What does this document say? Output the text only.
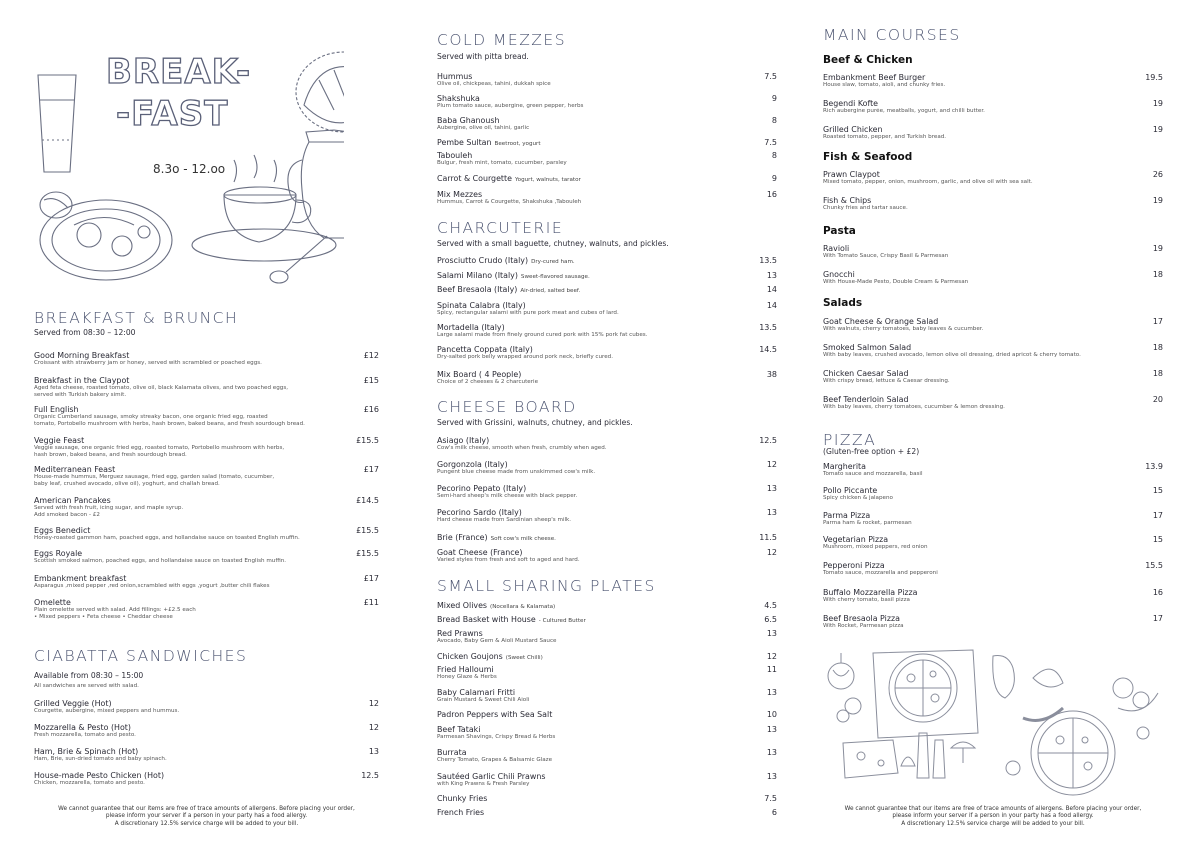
BREAK-
-FAST
8.3o - 12.oo
BREAKFAST & BRUNCH
Served from 08:30 – 12:00
Good Morning Breakfast	£12
Croissant with strawberry jam or honey, served with scrambled or poached eggs.
Breakfast in the Claypot	£15
Aged feta cheese, roasted tomato, olive oil, black Kalamata olives, and two poached eggs,
served with Turkish bakery simit.
Full English	£16
Organic Cumberland sausage, smoky streaky bacon, one organic fried egg, roasted
tomato, Portobello mushroom with herbs, hash brown, baked beans, and fresh sourdough bread.
Veggie Feast	£15.5
Veggie sausage, one organic fried egg, roasted tomato, Portobello mushroom with herbs,
hash brown, baked beans, and fresh sourdough bread.
Mediterranean Feast	£17
House-made hummus, Merguez sausage, fried egg, garden salad (tomato, cucumber,
baby leaf, crushed avocado, olive oil), yoghurt, and challah bread.
American Pancakes	£14.5
Served with fresh fruit, icing sugar, and maple syrup.
Add smoked bacon - £2
Eggs Benedict	£15.5
Honey-roasted gammon ham, poached eggs, and hollandaise sauce on toasted English muffin.
Eggs Royale	£15.5
Scottish smoked salmon, poached eggs, and hollandaise sauce on toasted English muffin.
Embankment breakfast	£17
Asparagus ,mixed pepper ,red onion,scrambled with eggs ,yogurt ,butter chili flakes
Omelette	£11
Plain omelette served with salad. Add fillings: +£2.5 each
• Mixed peppers • Feta cheese • Cheddar cheese
CIABATTA SANDWICHES
Available from 08:30 – 15:00
All sandwiches are served with salad.
Grilled Veggie (Hot)	12
Courgette, aubergine, mixed peppers and hummus.
Mozzarella & Pesto (Hot)	12
Fresh mozzarella, tomato and pesto.
Ham, Brie & Spinach (Hot)	13
Ham, Brie, sun-dried tomato and baby spinach.
House-made Pesto Chicken (Hot)	12.5
Chicken, mozzarella, tomato and pesto.
We cannot guarantee that our items are free of trace amounts of allergens. Before placing your order,
please inform your server if a person in your party has a food allergy.
A discretionary 12.5% service charge will be added to your bill.
COLD MEZZES
Served with pitta bread.
Hummus	7.5
Olive oil, chickpeas, tahini, dukkah spice
Shakshuka	9
Plum tomato sauce, aubergine, green pepper, herbs
Baba Ghanoush	8
Aubergine, olive oil, tahini, garlic
Pembe Sultan Beetroot, yogurt	7.5
Tabouleh	8
Bulgur, fresh mint, tomato, cucumber, parsley
Carrot & Courgette Yogurt, walnuts, tarator	9
Mix Mezzes	16
Hummus, Carrot & Courgette, Shakshuka ,Tabouleh
CHARCUTERIE
Served with a small baguette, chutney, walnuts, and pickles.
Prosciutto Crudo (Italy) Dry-cured ham.	13.5
Salami Milano (Italy) Sweet-flavored sausage.	13
Beef Bresaola (Italy) Air-dried, salted beef.	14
Spinata Calabra (Italy)	14
Spicy, rectangular salami with pure pork meat and cubes of lard.
Mortadella (Italy)	13.5
Large salami made from finely ground cured pork with 15% pork fat cubes.
Pancetta Coppata (Italy)	14.5
Dry-salted pork belly wrapped around pork neck, briefly cured.
Mix Board ( 4 People)	38
Choice of 2 cheeses & 2 charcuterie
CHEESE BOARD
Served with Grissini, walnuts, chutney, and pickles.
Asiago (Italy)	12.5
Cow's milk cheese, smooth when fresh, crumbly when aged.
Gorgonzola (Italy)	12
Pungent blue cheese made from unskimmed cow's milk.
Pecorino Pepato (Italy)	13
Semi-hard sheep's milk cheese with black pepper.
Pecorino Sardo (Italy)	13
Hard cheese made from Sardinian sheep's milk.
Brie (France) Soft cow's milk cheese.	11.5
Goat Cheese (France)	12
Varied styles from fresh and soft to aged and hard.
SMALL SHARING PLATES
Mixed Olives (Nocellara & Kalamata)	4.5
Bread Basket with House - Cultured Butter	6.5
Red Prawns	13
Avocado, Baby Gem & Aioli Mustard Sauce
Chicken Goujons (Sweet Chilli)	12
Fried Halloumi	11
Honey Glaze & Herbs
Baby Calamari Fritti	13
Grain Mustard & Sweet Chili Aioli
Padron Peppers with Sea Salt	10
Beef Tataki	13
Parmesan Shavings, Crispy Bread & Herbs
Burrata	13
Cherry Tomato, Grapes & Balsamic Glaze
Sautéed Garlic Chili Prawns	13
with King Prawns & Fresh Parsley
Chunky Fries	7.5
French Fries	6
MAIN COURSES
Beef & Chicken
Embankment Beef Burger	19.5
House slaw, tomato, aioli, and chunky fries.
Begendi Kofte	19
Rich aubergine purée, meatballs, yogurt, and chilli butter.
Grilled Chicken	19
Roasted tomato, pepper, and Turkish bread.
Fish & Seafood
Prawn Claypot	26
Mixed tomato, pepper, onion, mushroom, garlic, and olive oil with sea salt.
Fish & Chips	19
Chunky fries and tartar sauce.
Pasta
Ravioli	19
With Tomato Sauce, Crispy Basil & Parmesan
Gnocchi	18
With House-Made Pesto, Double Cream & Parmesan
Salads
Goat Cheese & Orange Salad	17
With walnuts, cherry tomatoes, baby leaves & cucumber.
Smoked Salmon Salad	18
With baby leaves, crushed avocado, lemon olive oil dressing, dried apricot & cherry tomato.
Chicken Caesar Salad	18
With crispy bread, lettuce & Caesar dressing.
Beef Tenderloin Salad	20
With baby leaves, cherry tomatoes, cucumber & lemon dressing.
PIZZA
(Gluten-free option + £2)
Margherita	13.9
Tomato sauce and mozzarella, basil
Pollo Piccante	15
Spicy chicken & jalapeno
Parma Pizza	17
Parma ham & rocket, parmesan
Vegetarian Pizza	15
Mushroom, mixed peppers, red onion
Pepperoni Pizza	15.5
Tomato sauce, mozzarella and pepperoni
Buffalo Mozzarella Pizza	16
With cherry tomato, basil pizza
Beef Bresaola Pizza	17
With Rocket, Parmesan pizza
We cannot guarantee that our items are free of trace amounts of allergens. Before placing your order,
please inform your server if a person in your party has a food allergy.
A discretionary 12.5% service charge will be added to your bill.
